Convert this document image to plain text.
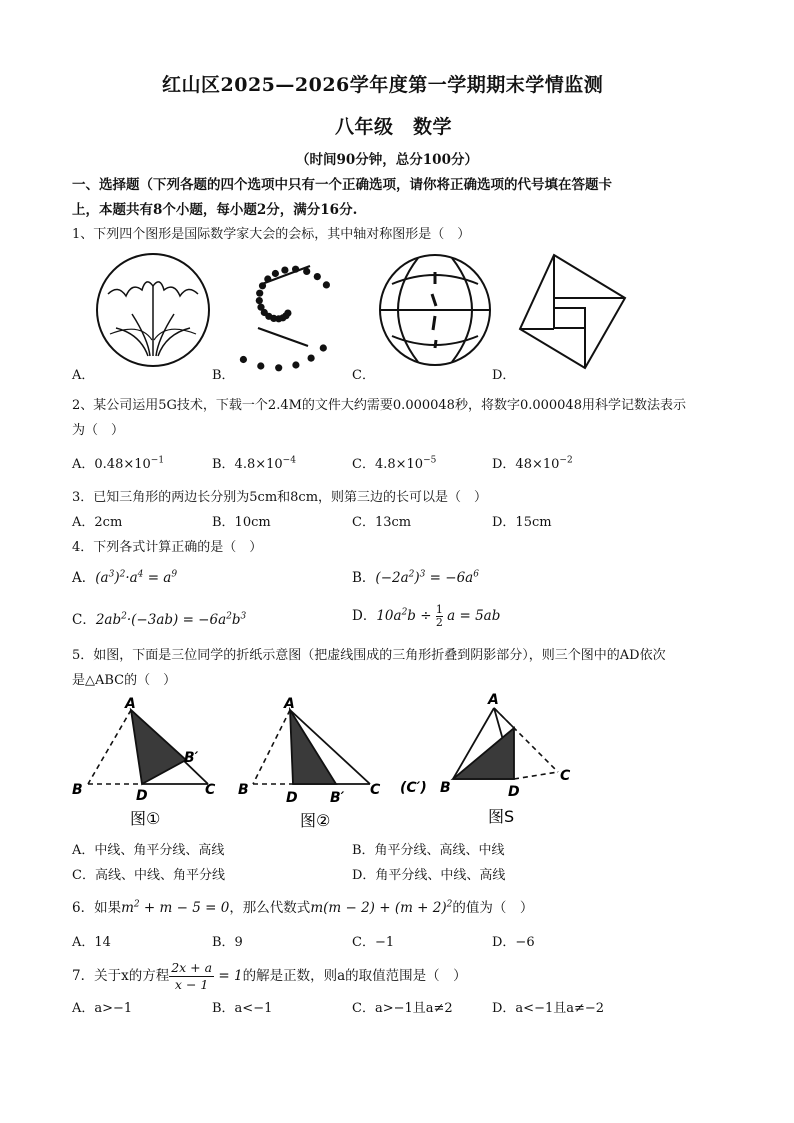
红山区2025—2026学年度第一学期期末学情监测
八年级　数学
（时间90分钟，总分100分）
一、选择题（下列各题的四个选项中只有一个正确选项，请你将正确选项的代号填在答题卡
上，本题共有8个小题，每小题2分，满分16分.
1、下列四个图形是国际数学家大会的会标，其中轴对称图形是（　）
A．	B．	C．	D．
2、某公司运用5G技术，下载一个2.4M的文件大约需要0.000048秒，将数字0.000048用科学记数法表示
为（　）
A．$0.48\times 10^{-1}$	B．$4.8\times 10^{-4}$	C．$4.8\times 10^{-5}$	D．$48\times 10^{-2}$
3．已知三角形的两边长分别为5cm和8cm，则第三边的长可以是（　）
A．2cm	B．10cm	C．13cm	D．15cm
4．下列各式计算正确的是（　）
A．$(a^3)^2\cdot a^4 = a^9$	B．$(-2a^2)^3 = -6a^6$
C．$2ab^2\cdot(-3ab) = -6a^2b^3$	D．$10a^2b \div \frac{1}{2}$ a = 5ab
5．如图，下面是三位同学的折纸示意图（把虚线围成的三角形折叠到阴影部分），则三个图中的AD依次
是△ABC的（　）
A
B	D	C
B′
图①
A
B	D B′ C
图②
A
(C′) B	D
C
图S
A．中线、角平分线、高线	B．角平分线、高线、中线
C．高线、中线、角平分线	D．角平分线、中线、高线
6．如果$m^2 + m - 5 = 0$，那么代数式$m(m - 2) + (m + 2)^2$的值为（　）
A．14	B．9	C．−1	D．−6
7．关于x的方程 $\frac{2x + a}{x - 1} = 1$的解是正数，则a的取值范围是（　）
A．a>−1	B．a<−1	C．a>−1且a≠2	D．a<−1且a≠−2
